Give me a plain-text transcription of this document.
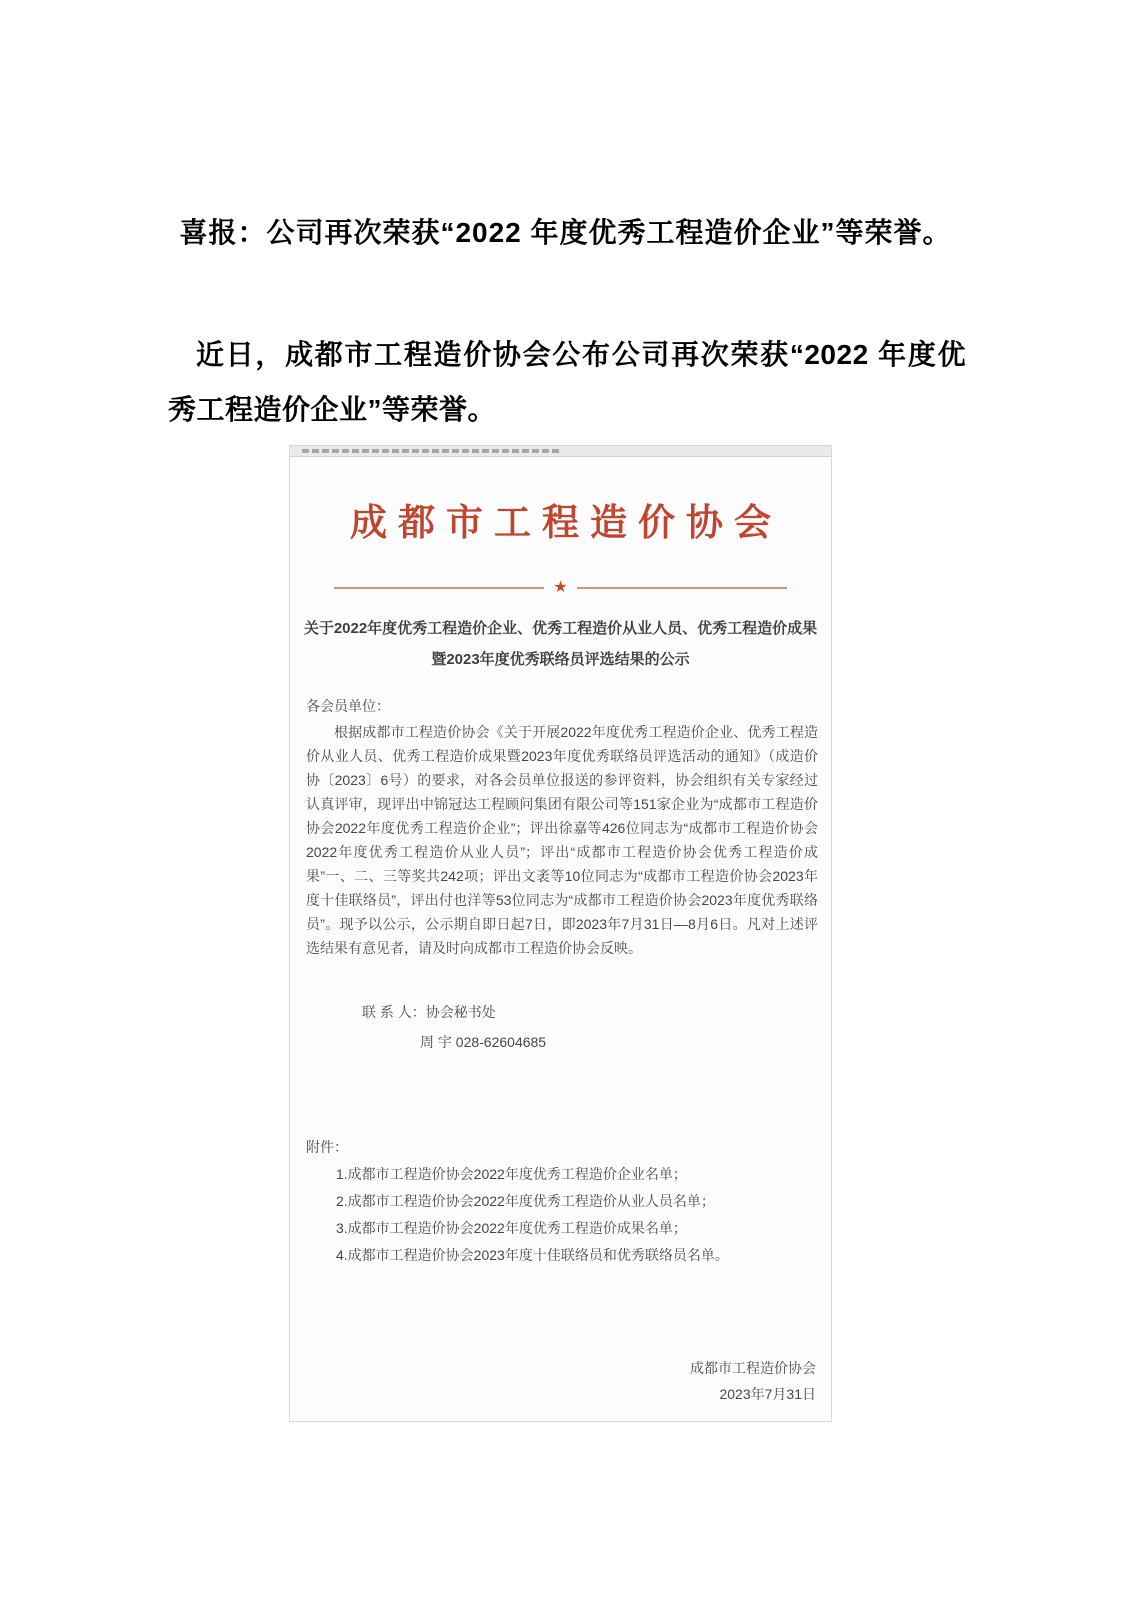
喜报：公司再次荣获“2022 年度优秀工程造价企业”等荣誉。
近日，成都市工程造价协会公布公司再次荣获“2022 年度优秀工程造价企业”等荣誉。
成都市工程造价协会
★
关于2022年度优秀工程造价企业、优秀工程造价从业人员、优秀工程造价成果暨2023年度优秀联络员评选结果的公示
各会员单位：
根据成都市工程造价协会《关于开展2022年度优秀工程造价企业、优秀工程造价从业人员、优秀工程造价成果暨2023年度优秀联络员评选活动的通知》（成造价协〔2023〕6号）的要求，对各会员单位报送的参评资料，协会组织有关专家经过认真评审，现评出中锦冠达工程顾问集团有限公司等151家企业为“成都市工程造价协会2022年度优秀工程造价企业”；评出徐嘉等426位同志为“成都市工程造价协会2022年度优秀工程造价从业人员”；评出“成都市工程造价协会优秀工程造价成果”一、二、三等奖共242项；评出文袤等10位同志为“成都市工程造价协会2023年度十佳联络员”，评出付也洋等53位同志为“成都市工程造价协会2023年度优秀联络员”。现予以公示，公示期自即日起7日，即2023年7月31日—8月6日。凡对上述评选结果有意见者，请及时向成都市工程造价协会反映。
联 系 人：协会秘书处
周 宇 028-62604685
附件：
1.成都市工程造价协会2022年度优秀工程造价企业名单；
2.成都市工程造价协会2022年度优秀工程造价从业人员名单；
3.成都市工程造价协会2022年度优秀工程造价成果名单；
4.成都市工程造价协会2023年度十佳联络员和优秀联络员名单。
成都市工程造价协会
2023年7月31日
